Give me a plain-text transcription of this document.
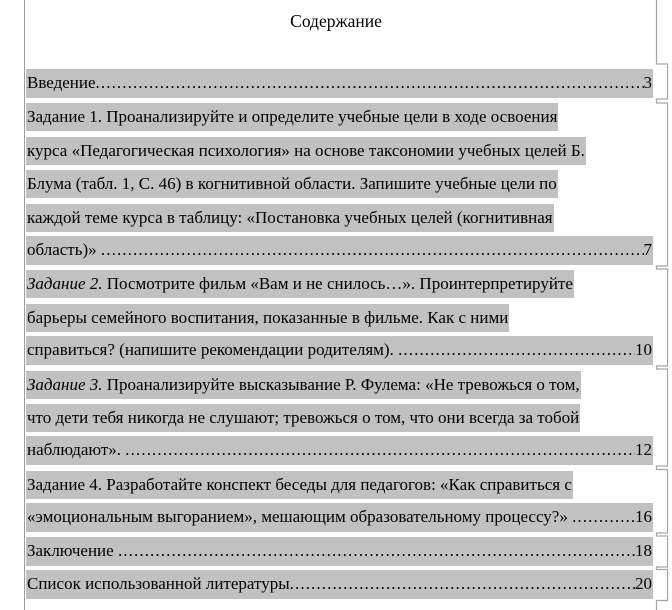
Содержание
Введение .....	3
Задание 1. Проанализируйте и определите учебные цели в ходе освоения
курса «Педагогическая психология» на основе таксономии учебных целей Б.
Блума (табл. 1, С. 46) в когнитивной области. Запишите учебные цели по
каждой теме курса в таблицу: «Постановка учебных целей (когнитивная
область)» .....	7
Задание 2. Посмотрите фильм «Вам и не снилось…». Проинтерпретируйте
барьеры семейного воспитания, показанные в фильме. Как с ними
справиться? (напишите рекомендации родителям). .....	10
Задание 3. Проанализируйте высказывание Р. Фулема: «Не тревожься о том,
что дети тебя никогда не слушают; тревожься о том, что они всегда за тобой
наблюдают». .....	12
Задание 4. Разработайте конспект беседы для педагогов: «Как справиться с
«эмоциональным выгоранием», мешающим образовательному процессу?» .....	16
Заключение .....	18
Список использованной литературы .....	20
